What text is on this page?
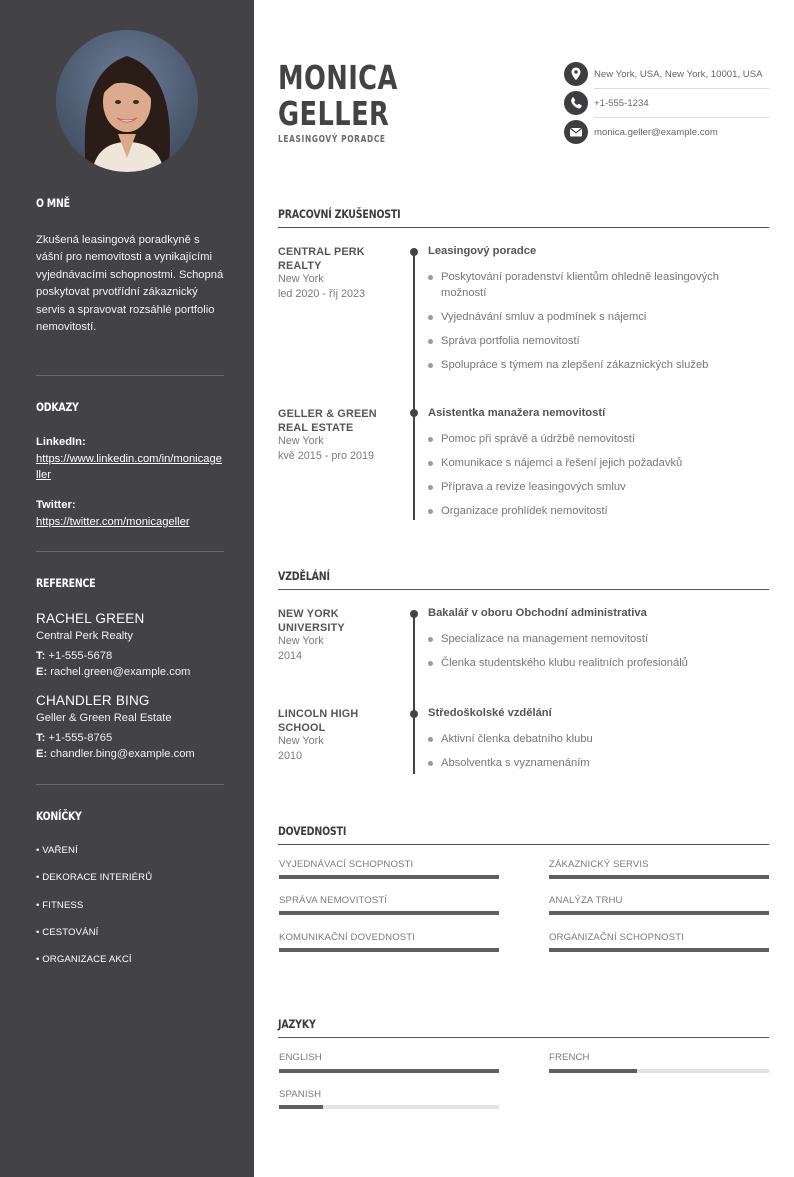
O MNĚ
Zkušená leasingová poradkyně s vášní pro nemovitosti a vynikajícími vyjednávacími schopnostmi. Schopná poskytovat prvotřídní zákaznický servis a spravovat rozsáhlé portfolio nemovitostí.
ODKAZY
LinkedIn:
https://www.linkedin.com/in/monicageller
Twitter:
https://twitter.com/monicageller
REFERENCE
RACHEL GREEN
Central Perk Realty
T: +1-555-5678
E: rachel.green@example.com
CHANDLER BING
Geller & Green Real Estate
T: +1-555-8765
E: chandler.bing@example.com
KONÍČKY
• VAŘENÍ
• DEKORACE INTERIÉRŮ
• FITNESS
• CESTOVÁNÍ
• ORGANIZACE AKCÍ
MONICA
GELLER
LEASINGOVÝ PORADCE
New York, USA, New York, 10001, USA
+1-555-1234
monica.geller@example.com
PRACOVNÍ ZKUŠENOSTI
CENTRAL PERK
REALTY
New York
led 2020 - říj 2023
Leasingový poradce
Poskytování poradenství klientům ohledně leasingových možností
Vyjednávání smluv a podmínek s nájemci
Správa portfolia nemovitostí
Spolupráce s týmem na zlepšení zákaznických služeb
GELLER & GREEN
REAL ESTATE
New York
kvě 2015 - pro 2019
Asistentka manažera nemovitostí
Pomoc při správě a údržbě nemovitostí
Komunikace s nájemci a řešení jejich požadavků
Příprava a revize leasingových smluv
Organizace prohlídek nemovitostí
VZDĚLÁNÍ
NEW YORK
UNIVERSITY
New York
2014
Bakalář v oboru Obchodní administrativa
Specializace na management nemovitostí
Členka studentského klubu realitních profesionálů
LINCOLN HIGH
SCHOOL
New York
2010
Středoškolské vzdělání
Aktivní členka debatního klubu
Absolventka s vyznamenáním
DOVEDNOSTI
VYJEDNÁVACÍ SCHOPNOSTI	ZÁKAZNICKÝ SERVIS
SPRÁVA NEMOVITOSTÍ	ANALÝZA TRHU
KOMUNIKAČNÍ DOVEDNOSTI	ORGANIZAČNÍ SCHOPNOSTI
JAZYKY
ENGLISH	FRENCH
SPANISH
